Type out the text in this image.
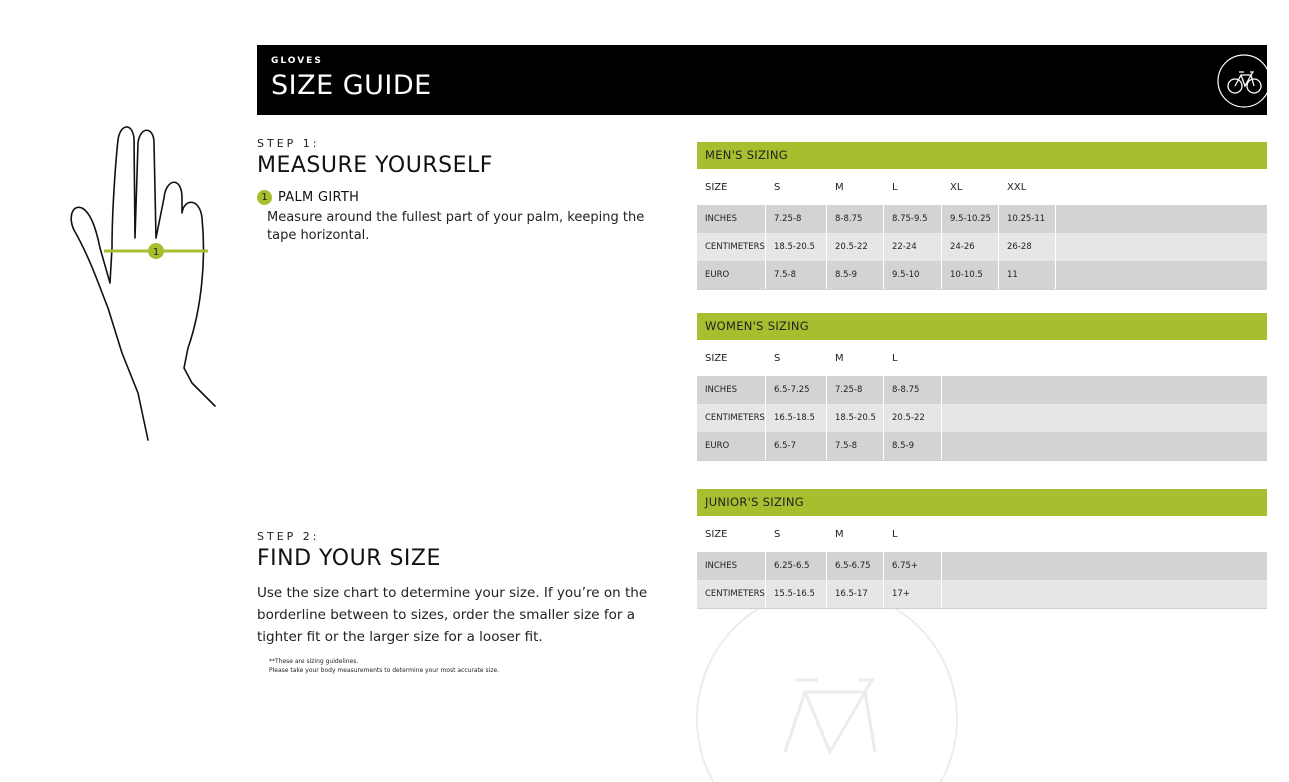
GLOVES
SIZE GUIDE
1
STEP 1:
MEASURE YOURSELF
1 PALM GIRTH
Measure around the fullest part of your palm, keeping the tape horizontal.
STEP 2:
FIND YOUR SIZE
Use the size chart to determine your size. If you’re on the borderline between to sizes, order the smaller size for a tighter fit or the larger size for a looser fit.
**These are sizing guidelines.
Please take your body measurements to determine your most accurate size.
MEN'S SIZING
SIZE	S	M	L	XL	XXL
INCHES	7.25-8	8-8.75	8.75-9.5	9.5-10.25	10.25-11
CENTIMETERS	18.5-20.5	20.5-22	22-24	24-26	26-28
EURO	7.5-8	8.5-9	9.5-10	10-10.5	11
WOMEN'S SIZING
SIZE	S	M	L
INCHES	6.5-7.25	7.25-8	8-8.75
CENTIMETERS	16.5-18.5	18.5-20.5	20.5-22
EURO	6.5-7	7.5-8	8.5-9
JUNIOR'S SIZING
SIZE	S	M	L
INCHES	6.25-6.5	6.5-6.75	6.75+
CENTIMETERS	15.5-16.5	16.5-17	17+
